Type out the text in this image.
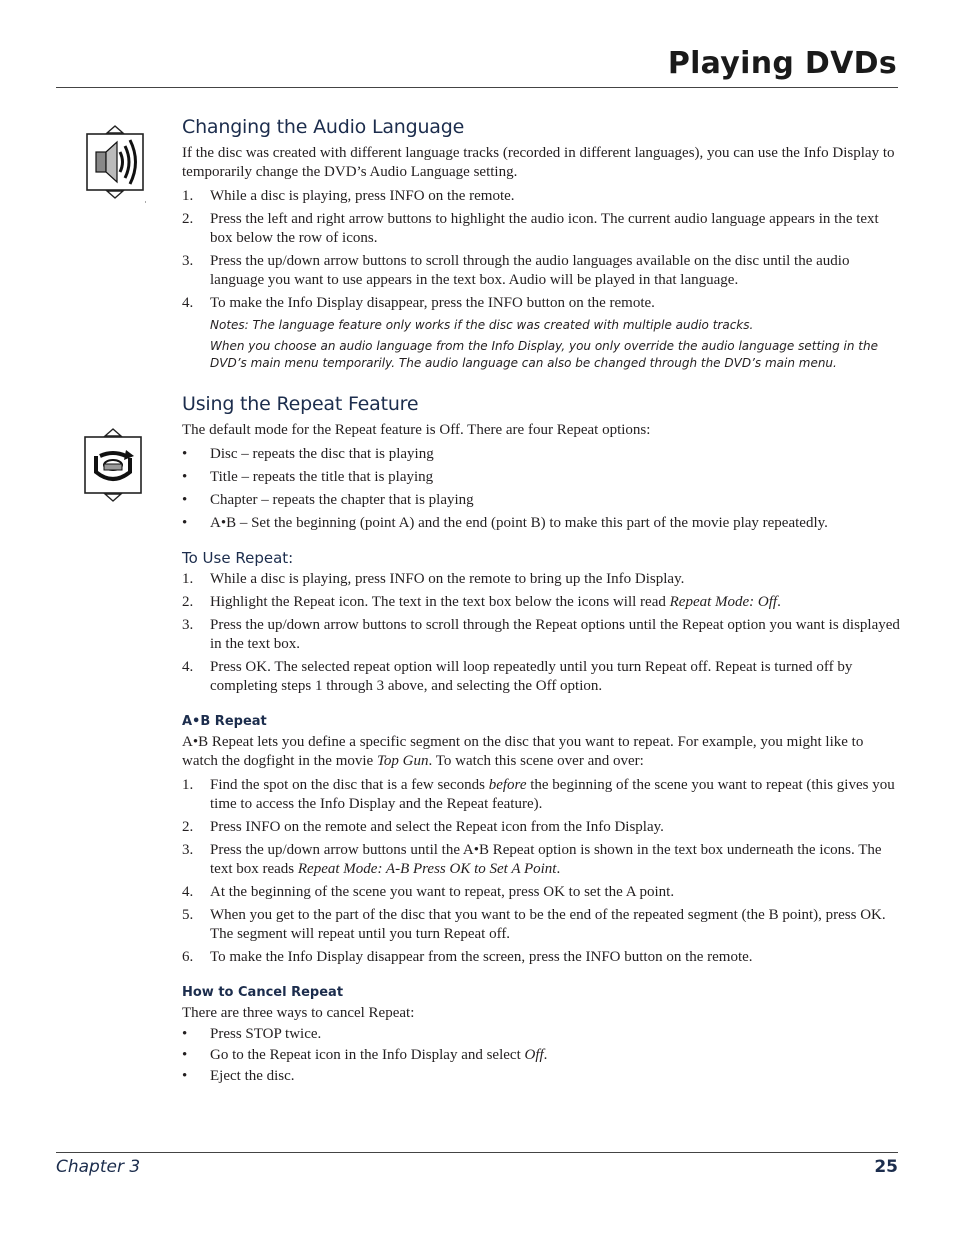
Playing DVDs
Changing the Audio Language

If the disc was created with different language tracks (recorded in different languages), you can use the Info Display to temporarily change the DVD’s Audio Language setting.

1. While a disc is playing, press INFO on the remote.
2. Press the left and right arrow buttons to highlight the audio icon. The current audio language appears in the text box below the row of icons.
3. Press the up/down arrow buttons to scroll through the audio languages available on the disc until the audio language you want to use appears in the text box. Audio will be played in that language.
4. To make the Info Display disappear, press the INFO button on the remote.

Notes: The language feature only works if the disc was created with multiple audio tracks.

When you choose an audio language from the Info Display, you only override the audio language setting in the DVD’s main menu temporarily. The audio language can also be changed through the DVD’s main menu.

Using the Repeat Feature

The default mode for the Repeat feature is Off. There are four Repeat options:

• Disc – repeats the disc that is playing
• Title – repeats the title that is playing
• Chapter – repeats the chapter that is playing
• A•B – Set the beginning (point A) and the end (point B) to make this part of the movie play repeatedly.
To Use Repeat:
1. While a disc is playing, press INFO on the remote to bring up the Info Display.
2. Highlight the Repeat icon. The text in the text box below the icons will read Repeat Mode: Off.
3. Press the up/down arrow buttons to scroll through the Repeat options until the Repeat option you want is displayed in the text box.
4. Press OK. The selected repeat option will loop repeatedly until you turn Repeat off. Repeat is turned off by completing steps 1 through 3 above, and selecting the Off option.
A•B Repeat

A•B Repeat lets you define a specific segment on the disc that you want to repeat. For example, you might like to watch the dogfight in the movie Top Gun. To watch this scene over and over:

1. Find the spot on the disc that is a few seconds before the beginning of the scene you want to repeat (this gives you time to access the Info Display and the Repeat feature).
2. Press INFO on the remote and select the Repeat icon from the Info Display.
3. Press the up/down arrow buttons until the A•B Repeat option is shown in the text box underneath the icons. The text box reads Repeat Mode: A-B Press OK to Set A Point.
4. At the beginning of the scene you want to repeat, press OK to set the A point.
5. When you get to the part of the disc that you want to be the end of the repeated segment (the B point), press OK. The segment will repeat until you turn Repeat off.
6. To make the Info Display disappear from the screen, press the INFO button on the remote.
How to Cancel Repeat

There are three ways to cancel Repeat:

• Press STOP twice.
• Go to the Repeat icon in the Info Display and select Off.
• Eject the disc.
Chapter 3	25
